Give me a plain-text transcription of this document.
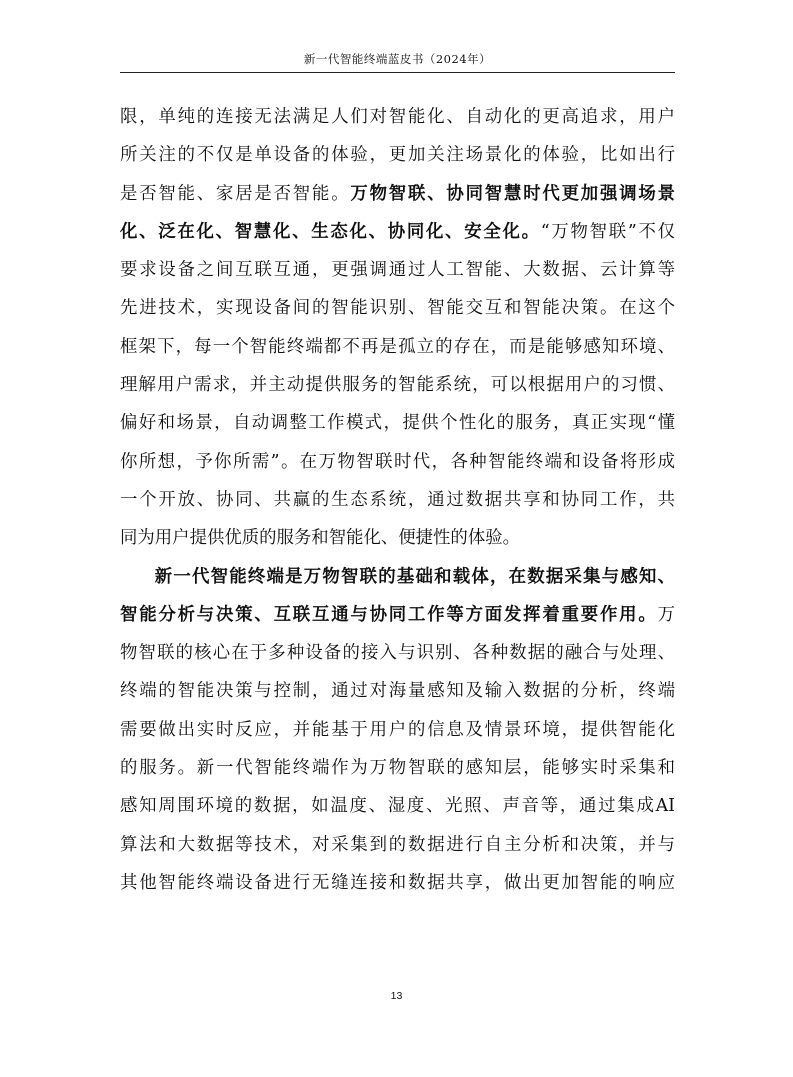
新一代智能终端蓝皮书（2024年）
限，单纯的连接无法满足人们对智能化、自动化的更高追求，用户
所关注的不仅是单设备的体验，更加关注场景化的体验，比如出行
是否智能、家居是否智能。万物智联、协同智慧时代更加强调场景
化、泛在化、智慧化、生态化、协同化、安全化。“万物智联”不仅
要求设备之间互联互通，更强调通过人工智能、大数据、云计算等
先进技术，实现设备间的智能识别、智能交互和智能决策。在这个
框架下，每一个智能终端都不再是孤立的存在，而是能够感知环境、
理解用户需求，并主动提供服务的智能系统，可以根据用户的习惯、
偏好和场景，自动调整工作模式，提供个性化的服务，真正实现“懂
你所想，予你所需”。在万物智联时代，各种智能终端和设备将形成
一个开放、协同、共赢的生态系统，通过数据共享和协同工作，共
同为用户提供优质的服务和智能化、便捷性的体验。
新一代智能终端是万物智联的基础和载体，在数据采集与感知、
智能分析与决策、互联互通与协同工作等方面发挥着重要作用。万
物智联的核心在于多种设备的接入与识别、各种数据的融合与处理、
终端的智能决策与控制，通过对海量感知及输入数据的分析，终端
需要做出实时反应，并能基于用户的信息及情景环境，提供智能化
的服务。新一代智能终端作为万物智联的感知层，能够实时采集和
感知周围环境的数据，如温度、湿度、光照、声音等，通过集成AI
算法和大数据等技术，对采集到的数据进行自主分析和决策，并与
其他智能终端设备进行无缝连接和数据共享，做出更加智能的响应
13
